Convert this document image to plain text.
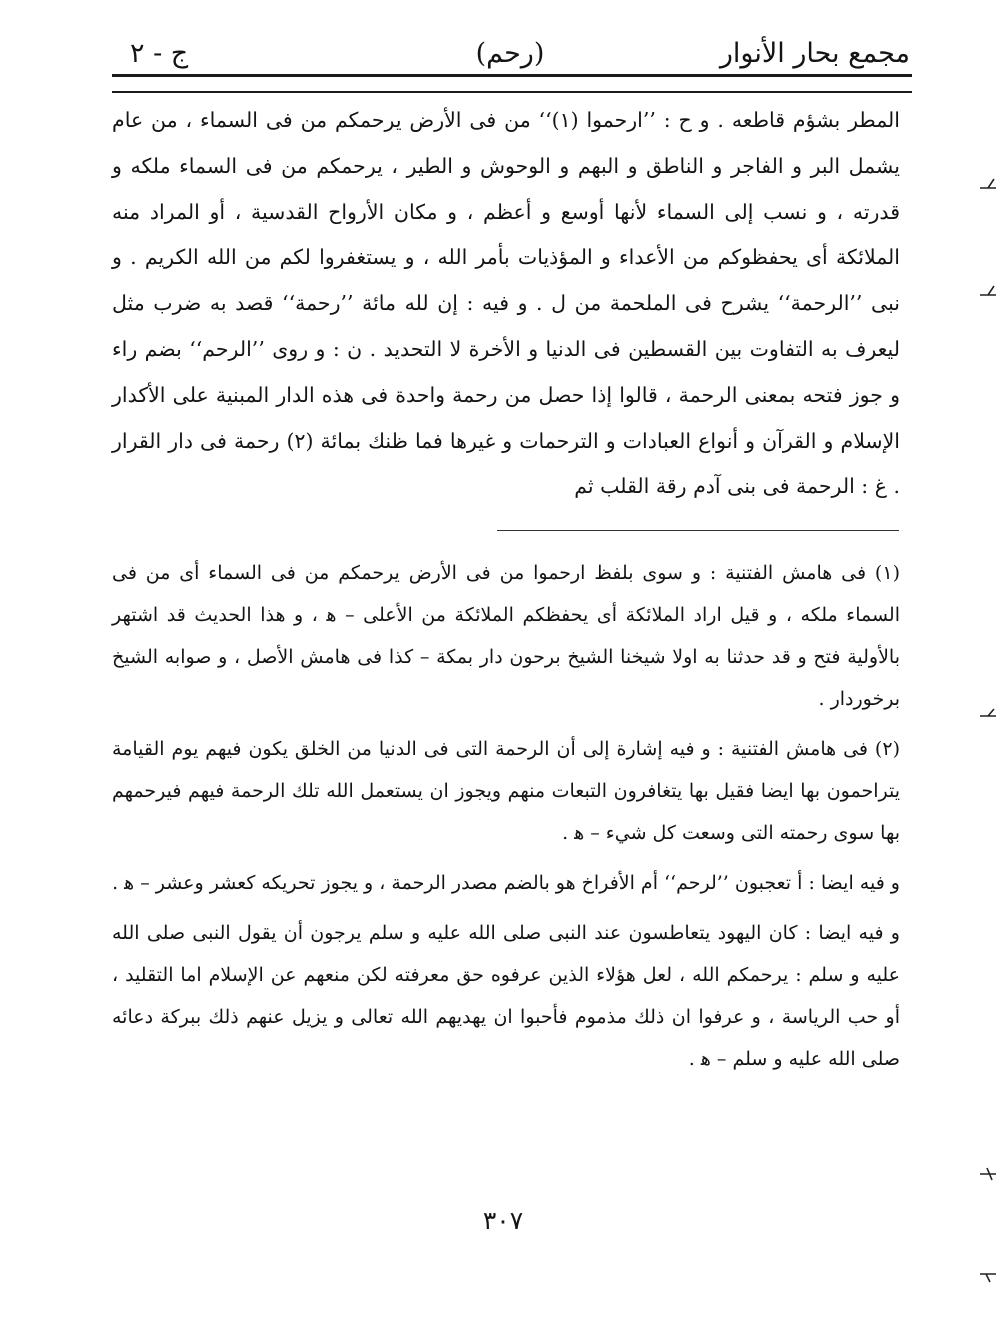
مجمع بحار الأنوار
(رحم)
ج - ٢

المطر بشؤم قاطعه . و ح : ’’ارحموا (١)‘‘ من فى الأرض يرحمكم من فى السماء ، من عام يشمل البر و الفاجر و الناطق و البهم و الوحوش و الطير ، يرحمكم من فى السماء ملكه و قدرته ، و نسب إلى السماء لأنها أوسع و أعظم ، و مكان الأرواح القدسية ، أو المراد منه الملائكة أى يحفظوكم من الأعداء و المؤذيات بأمر الله ، و يستغفروا لكم من الله الكريم . و نبى ’’الرحمة‘‘ يشرح فى الملحمة من ل . و فيه : إن لله مائة ’’رحمة‘‘ قصد به ضرب مثل ليعرف به التفاوت بين القسطين فى الدنيا و الأخرة لا التحديد . ن : و روى ’’الرحم‘‘ بضم راء و جوز فتحه بمعنى الرحمة ، قالوا إذا حصل من رحمة واحدة فى هذه الدار المبنية على الأكدار الإسلام و القرآن و أنواع العبادات و الترحمات و غيرها فما ظنك بمائة (٢) رحمة فى دار القرار . غ : الرحمة فى بنى آدم رقة القلب ثم

(١) فى هامش الفتنية : و سوى بلفظ ارحموا من فى الأرض يرحمكم من فى السماء أى من فى السماء ملكه ، و قيل اراد الملائكة أى يحفظكم الملائكة من الأعلى – ﻫ ، و هذا الحديث قد اشتهر بالأولية فتح و قد حدثنا به اولا شيخنا الشيخ برحون دار بمكة – كذا فى هامش الأصل ، و صوابه الشيخ برخوردار .

(٢) فى هامش الفتنية : و فيه إشارة إلى أن الرحمة التى فى الدنيا من الخلق يكون فيهم يوم القيامة يتراحمون بها ايضا فقيل بها يتغافرون التبعات منهم ويجوز ان يستعمل الله تلك الرحمة فيهم فيرحمهم بها سوى رحمته التى وسعت كل شيء – ﻫ .

و فيه ايضا : أ تعجبون ’’لرحم‘‘ أم الأفراخ هو بالضم مصدر الرحمة ، و يجوز تحريكه كعشر وعشر – ﻫ .

و فيه ايضا : كان اليهود يتعاطسون عند النبى صلى الله عليه و سلم يرجون أن يقول النبى صلى الله عليه و سلم : يرحمكم الله ، لعل هؤلاء الذين عرفوه حق معرفته لكن منعهم عن الإسلام اما التقليد ، أو حب الرياسة ، و عرفوا ان ذلك مذموم فأحبوا ان يهديهم الله تعالى و يزيل عنهم ذلك ببركة دعائه صلى الله عليه و سلم – ﻫ .

٣٠٧
